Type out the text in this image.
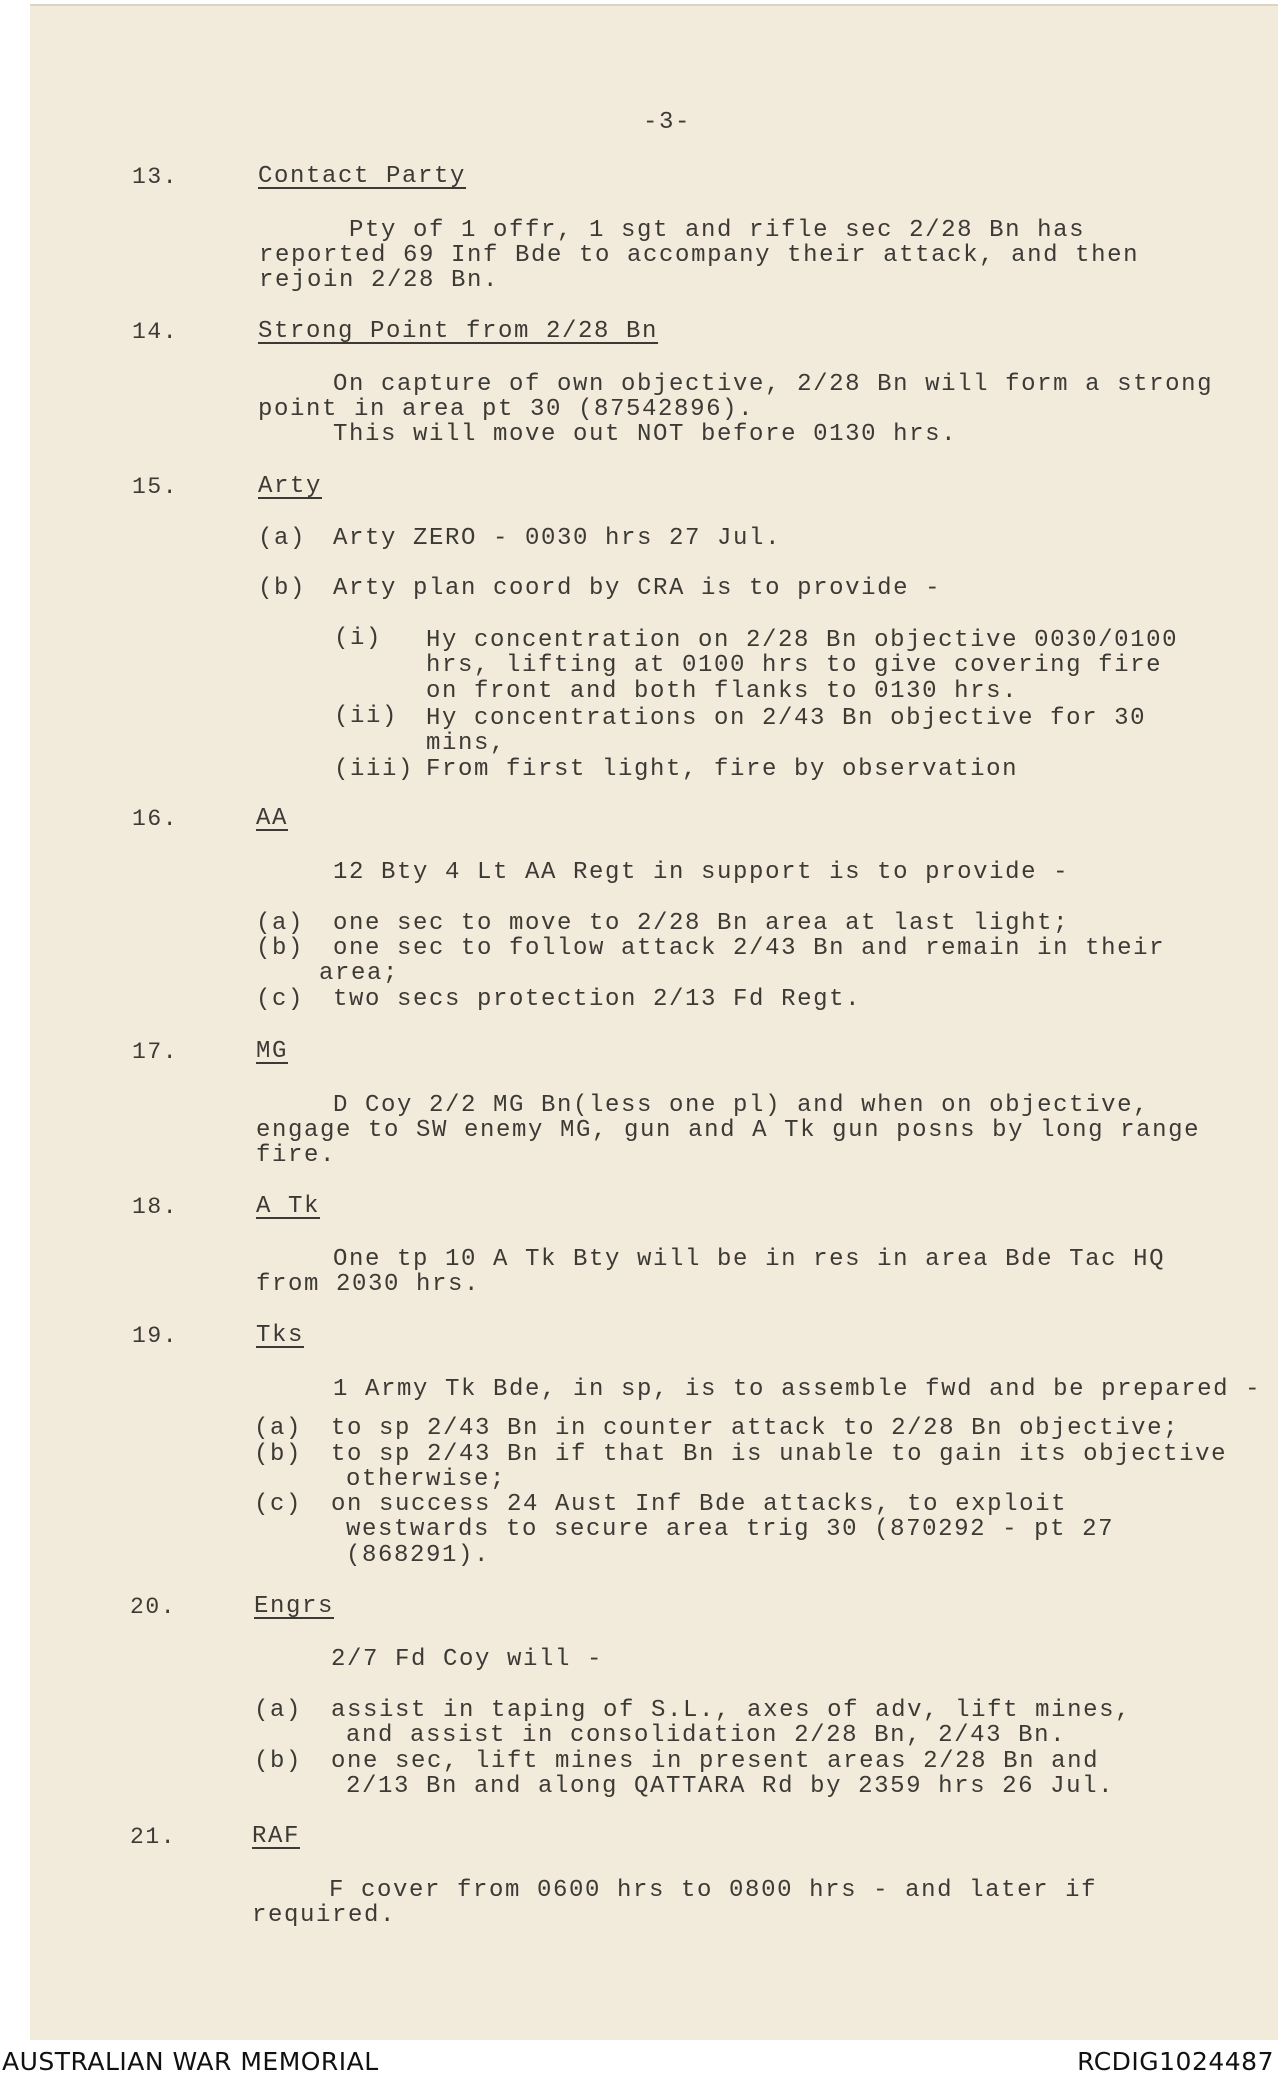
-3-
13.	Contact Party
Pty of 1 offr, 1 sgt and rifle sec 2/28 Bn has
reported 69 Inf Bde to accompany their attack, and then
rejoin 2/28 Bn.
14.	Strong Point from 2/28 Bn
On capture of own objective, 2/28 Bn will form a strong
point in area pt 30 (87542896).
This will move out NOT before 0130 hrs.
15.	Arty
(a) Arty ZERO - 0030 hrs 27 Jul.
(b) Arty plan coord by CRA is to provide -
(i) Hy concentration on 2/28 Bn objective 0030/0100
hrs, lifting at 0100 hrs to give covering fire
on front and both flanks to 0130 hrs.
(ii) Hy concentrations on 2/43 Bn objective for 30
mins,
(iii) From first light, fire by observation
16.	AA
12 Bty 4 Lt AA Regt in support is to provide -
(a) one sec to move to 2/28 Bn area at last light;
(b) one sec to follow attack 2/43 Bn and remain in their
area;
(c) two secs protection 2/13 Fd Regt.
17.	MG
D Coy 2/2 MG Bn(less one pl) and when on objective,
engage to SW enemy MG, gun and A Tk gun posns by long range
fire.
18.	A Tk
One tp 10 A Tk Bty will be in res in area Bde Tac HQ
from 2030 hrs.
19.	Tks
1 Army Tk Bde, in sp, is to assemble fwd and be prepared -
(a) to sp 2/43 Bn in counter attack to 2/28 Bn objective;
(b) to sp 2/43 Bn if that Bn is unable to gain its objective
otherwise;
(c) on success 24 Aust Inf Bde attacks, to exploit
westwards to secure area trig 30 (870292 - pt 27
(868291).
20.	Engrs
2/7 Fd Coy will -
(a) assist in taping of S.L., axes of adv, lift mines,
and assist in consolidation 2/28 Bn, 2/43 Bn.
(b) one sec, lift mines in present areas 2/28 Bn and
2/13 Bn and along QATTARA Rd by 2359 hrs 26 Jul.
21.	RAF
F cover from 0600 hrs to 0800 hrs - and later if
required.
AUSTRALIAN WAR MEMORIAL	RCDIG1024487
